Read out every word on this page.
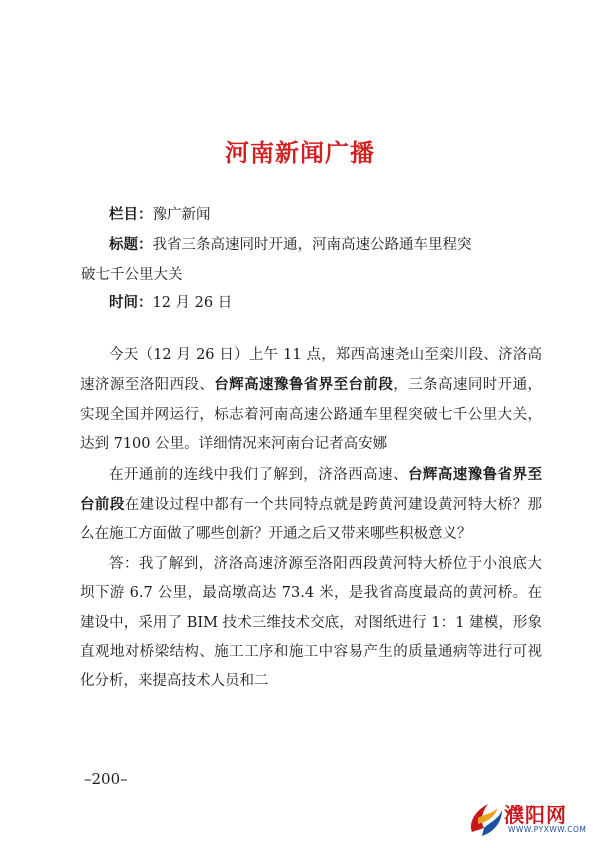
河南新闻广播
栏目：豫广新闻
标题：我省三条高速同时开通，河南高速公路通车里程突
破七千公里大关
时间：12 月 26 日

今天（12 月 26 日）上午 11 点，郑西高速尧山至栾川段、济洛高速济源至洛阳西段、台辉高速豫鲁省界至台前段，三条高速同时开通，实现全国并网运行，标志着河南高速公路通车里程突破七千公里大关，达到 7100 公里。详细情况来河南台记者高安娜

在开通前的连线中我们了解到，济洛西高速、台辉高速豫鲁省界至台前段在建设过程中都有一个共同特点就是跨黄河建设黄河特大桥？那么在施工方面做了哪些创新？开通之后又带来哪些积极意义？

答：我了解到，济洛高速济源至洛阳西段黄河特大桥位于小浪底大坝下游 6.7 公里，最高墩高达 73.4 米，是我省高度最高的黄河桥。在建设中，采用了 BIM 技术三维技术交底，对图纸进行 1：1 建模，形象直观地对桥梁结构、施工工序和施工中容易产生的质量通病等进行可视化分析，来提高技术人员和二

–200–
濮阳网
WWW.PYXWW.COM
